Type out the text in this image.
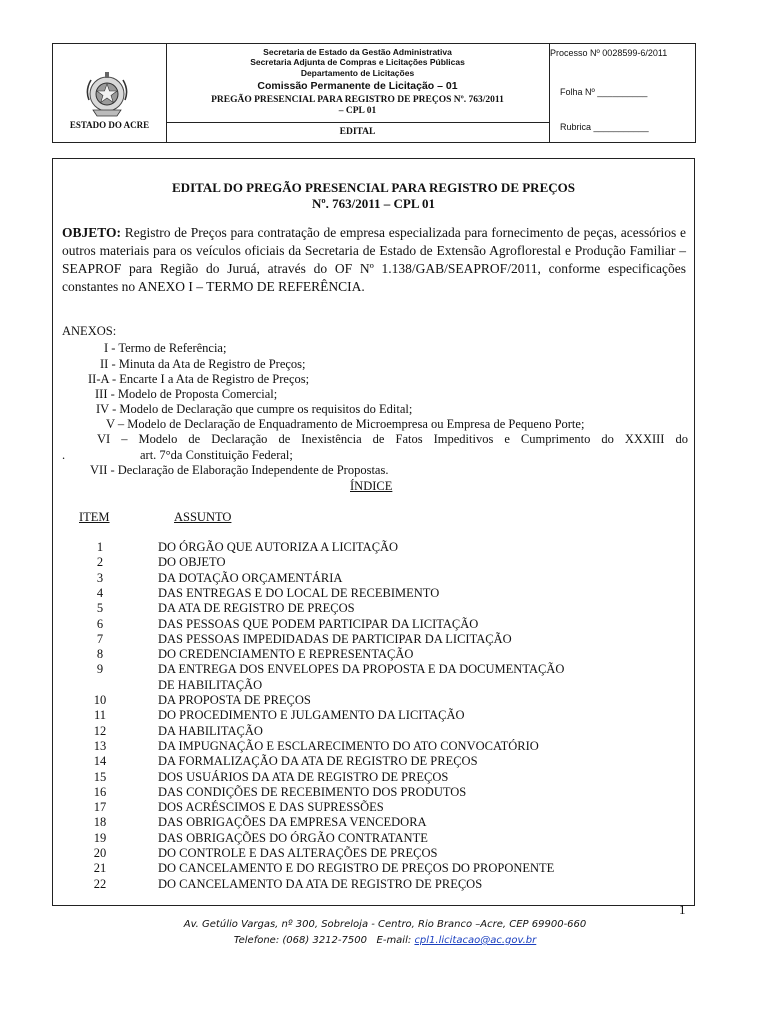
ESTADO DO ACRE
Secretaria de Estado da Gestão Administrativa
Secretaria Adjunta de Compras e Licitações Públicas
Departamento de Licitações
Comissão Permanente de Licitação – 01
PREGÃO PRESENCIAL PARA REGISTRO DE PREÇOS Nº. 763/2011
– CPL 01
EDITAL
Processo Nº 0028599-6/2011
Folha Nº __________
Rubrica ___________
EDITAL DO PREGÃO PRESENCIAL PARA REGISTRO DE PREÇOS
Nº. 763/2011 – CPL 01
OBJETO: Registro de Preços para contratação de empresa especializada para fornecimento de peças, acessórios e outros materiais para os veículos oficiais da Secretaria de Estado de Extensão Agroflorestal e Produção Familiar – SEAPROF para Região do Juruá, através do OF Nº 1.138/GAB/SEAPROF/2011, conforme especificações constantes no ANEXO I – TERMO DE REFERÊNCIA.
ANEXOS:
I - Termo de Referência;
II - Minuta da Ata de Registro de Preços;
II-A - Encarte I a Ata de Registro de Preços;
III - Modelo de Proposta Comercial;
IV - Modelo de Declaração que cumpre os requisitos do Edital;
V – Modelo de Declaração de Enquadramento de Microempresa ou Empresa de Pequeno Porte;
VI – Modelo de Declaração de Inexistência de Fatos Impeditivos e Cumprimento do XXXIII do
.	art. 7°da Constituição Federal;
VII - Declaração de Elaboração Independente de Propostas.
ÍNDICE
ITEM	ASSUNTO
1	DO ÓRGÃO QUE AUTORIZA A LICITAÇÃO
2	DO OBJETO
3	DA DOTAÇÃO ORÇAMENTÁRIA
4	DAS ENTREGAS E DO LOCAL DE RECEBIMENTO
5	DA ATA DE REGISTRO DE PREÇOS
6	DAS PESSOAS QUE PODEM PARTICIPAR DA LICITAÇÃO
7	DAS PESSOAS IMPEDIDADAS DE PARTICIPAR DA LICITAÇÃO
8	DO CREDENCIAMENTO E REPRESENTAÇÃO
9	DA ENTREGA DOS ENVELOPES DA PROPOSTA E DA DOCUMENTAÇÃO
DE HABILITAÇÃO
10	DA PROPOSTA DE PREÇOS
11	DO PROCEDIMENTO E JULGAMENTO DA LICITAÇÃO
12	DA HABILITAÇÃO
13	DA IMPUGNAÇÃO E ESCLARECIMENTO DO ATO CONVOCATÓRIO
14	DA FORMALIZAÇÃO DA ATA DE REGISTRO DE PREÇOS
15	DOS USUÁRIOS DA ATA DE REGISTRO DE PREÇOS
16	DAS CONDIÇÕES DE RECEBIMENTO DOS PRODUTOS
17	DOS ACRÉSCIMOS E DAS SUPRESSÕES
18	DAS OBRIGAÇÕES DA EMPRESA VENCEDORA
19	DAS OBRIGAÇÕES DO ÓRGÃO CONTRATANTE
20	DO CONTROLE E DAS ALTERAÇÕES DE PREÇOS
21	DO CANCELAMENTO E DO REGISTRO DE PREÇOS DO PROPONENTE
22	DO CANCELAMENTO DA ATA DE REGISTRO DE PREÇOS
1
Av. Getúlio Vargas, nº 300, Sobreloja - Centro, Rio Branco –Acre, CEP 69900-660
Telefone: (068) 3212-7500 E-mail: cpl1.licitacao@ac.gov.br
